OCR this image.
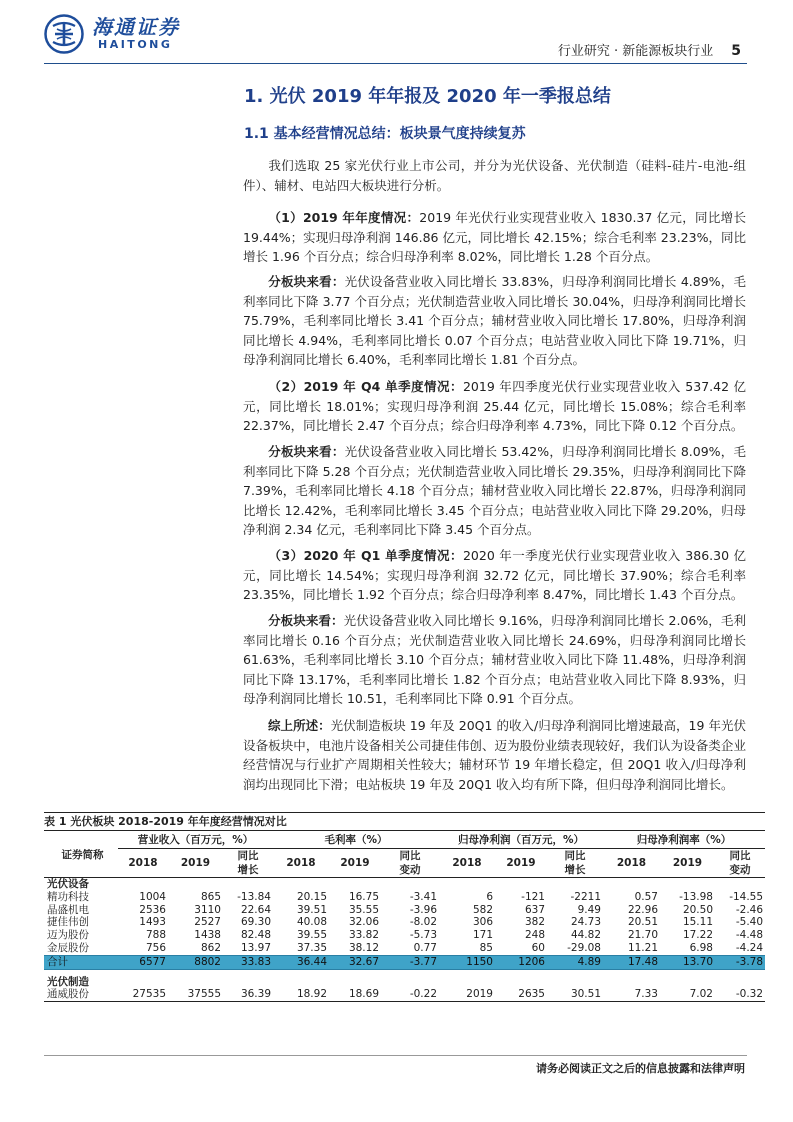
海通证券
HAITONG	行业研究 · 新能源板块行业 5
1. 光伏 2019 年年报及 2020 年一季报总结
1.1 基本经营情况总结：板块景气度持续复苏
我们选取 25 家光伏行业上市公司，并分为光伏设备、光伏制造（硅料-硅片-电池-组件）、辅材、电站四大板块进行分析。
（1）2019 年年度情况：2019 年光伏行业实现营业收入 1830.37 亿元，同比增长 19.44%；实现归母净利润 146.86 亿元，同比增长 42.15%；综合毛利率 23.23%，同比增长 1.96 个百分点；综合归母净利率 8.02%，同比增长 1.28 个百分点。
分板块来看：光伏设备营业收入同比增长 33.83%，归母净利润同比增长 4.89%，毛利率同比下降 3.77 个百分点；光伏制造营业收入同比增长 30.04%，归母净利润同比增长 75.79%，毛利率同比增长 3.41 个百分点；辅材营业收入同比增长 17.80%，归母净利润同比增长 4.94%，毛利率同比增长 0.07 个百分点；电站营业收入同比下降 19.71%，归母净利润同比增长 6.40%，毛利率同比增长 1.81 个百分点。
（2）2019 年 Q4 单季度情况：2019 年四季度光伏行业实现营业收入 537.42 亿元，同比增长 18.01%；实现归母净利润 25.44 亿元，同比增长 15.08%；综合毛利率 22.37%，同比增长 2.47 个百分点；综合归母净利率 4.73%，同比下降 0.12 个百分点。
分板块来看：光伏设备营业收入同比增长 53.42%，归母净利润同比增长 8.09%，毛利率同比下降 5.28 个百分点；光伏制造营业收入同比增长 29.35%，归母净利润同比下降 7.39%，毛利率同比增长 4.18 个百分点；辅材营业收入同比增长 22.87%，归母净利润同比增长 12.42%，毛利率同比增长 3.45 个百分点；电站营业收入同比下降 29.20%，归母净利润 2.34 亿元，毛利率同比下降 3.45 个百分点。
（3）2020 年 Q1 单季度情况：2020 年一季度光伏行业实现营业收入 386.30 亿元，同比增长 14.54%；实现归母净利润 32.72 亿元，同比增长 37.90%；综合毛利率 23.35%，同比增长 1.92 个百分点；综合归母净利率 8.47%，同比增长 1.43 个百分点。
分板块来看：光伏设备营业收入同比增长 9.16%，归母净利润同比增长 2.06%，毛利率同比增长 0.16 个百分点；光伏制造营业收入同比增长 24.69%，归母净利润同比增长 61.63%，毛利率同比增长 3.10 个百分点；辅材营业收入同比下降 11.48%，归母净利润同比下降 13.17%，毛利率同比增长 1.82 个百分点；电站营业收入同比下降 8.93%，归母净利润同比增长 10.51，毛利率同比下降 0.91 个百分点。
综上所述：光伏制造板块 19 年及 20Q1 的收入/归母净利润同比增速最高，19 年光伏设备板块中，电池片设备相关公司捷佳伟创、迈为股份业绩表现较好，我们认为设备类企业经营情况与行业扩产周期相关性较大；辅材环节 19 年增长稳定，但 20Q1 收入/归母净利润均出现同比下滑；电站板块 19 年及 20Q1 收入均有所下降，但归母净利润同比增长。
表 1 光伏板块 2018-2019 年年度经营情况对比												
证券简称	营业收入（百万元，%）			毛利率（%）			归母净利润（百万元，%）			归母净利润率（%）		
	2018	2019	同比	2018	2019	同比	2018	2019	同比	2018	2019	同比
			增长			变动			增长			变动
光伏设备												
精功科技	1004	865	-13.84	20.15	16.75	-3.41	6	-121	-2211	0.57	-13.98	-14.55
晶盛机电	2536	3110	22.64	39.51	35.55	-3.96	582	637	9.49	22.96	20.50	-2.46
捷佳伟创	1493	2527	69.30	40.08	32.06	-8.02	306	382	24.73	20.51	15.11	-5.40
迈为股份	788	1438	82.48	39.55	33.82	-5.73	171	248	44.82	21.70	17.22	-4.48
金辰股份	756	862	13.97	37.35	38.12	0.77	85	60	-29.08	11.21	6.98	-4.24
合计	6577	8802	33.83	36.44	32.67	-3.77	1150	1206	4.89	17.48	13.70	-3.78

光伏制造												
通威股份	27535	37555	36.39	18.92	18.69	-0.22	2019	2635	30.51	7.33	7.02	-0.32
请务必阅读正文之后的信息披露和法律声明
